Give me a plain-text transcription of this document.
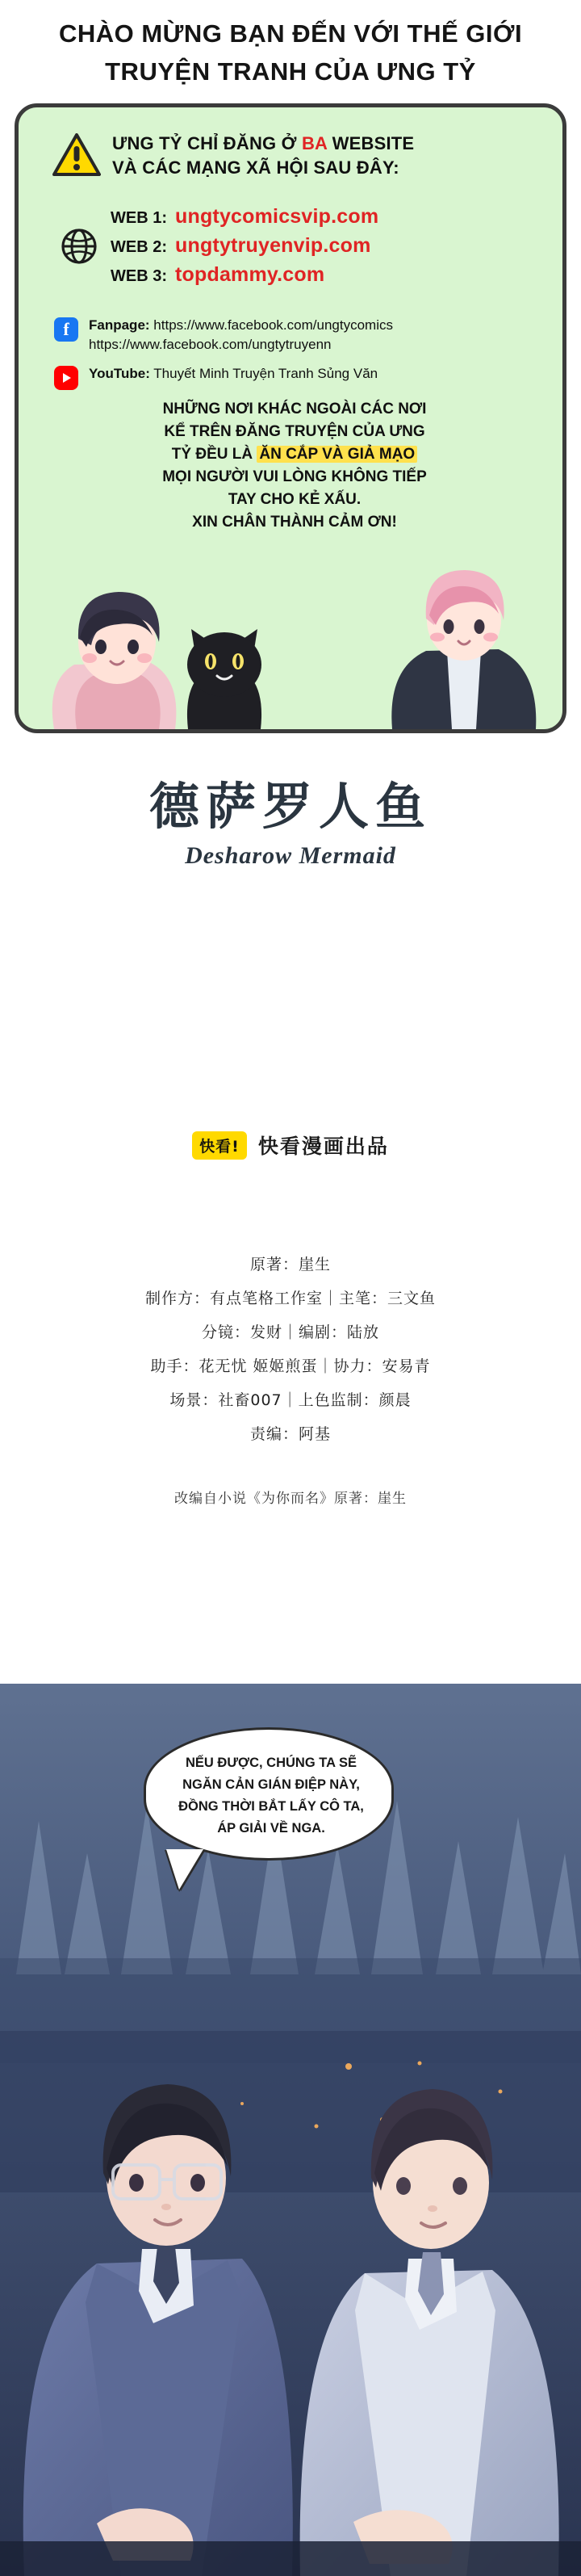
CHÀO MỪNG BẠN ĐẾN VỚI THẾ GIỚI
TRUYỆN TRANH CỦA ƯNG TỶ
ƯNG TỶ CHỈ ĐĂNG Ở BA WEBSITE
VÀ CÁC MẠNG XÃ HỘI SAU ĐÂY:
WEB 1: ungtycomicsvip.com
WEB 2: ungtytruyenvip.com
WEB 3: topdammy.com
f	Fanpage: https://www.facebook.com/ungtycomics
https://www.facebook.com/ungtytruyenn
YouTube: Thuyết Minh Truyện Tranh Sủng Văn
NHỮNG NƠI KHÁC NGOÀI CÁC NƠI
KỂ TRÊN ĐĂNG TRUYỆN CỦA ƯNG
TỶ ĐỀU LÀ ĂN CẮP VÀ GIẢ MẠO
MỌI NGƯỜI VUI LÒNG KHÔNG TIẾP
TAY CHO KẺ XẤU.
XIN CHÂN THÀNH CẢM ƠN!
德萨罗人鱼
Desharow Mermaid
快看! 快看漫画出品
原著：崖生
制作方：有点笔格工作室｜主笔：三文鱼
分镜：发财｜编剧：陆放
助手：花无忧 姬姬煎蛋｜协力：安易青
场景：社畜007｜上色监制：颜晨
责编：阿基
改编自小说《为你而名》原著：崖生
NẾU ĐƯỢC, CHÚNG TA SẼ
NGĂN CẢN GIÁN ĐIỆP NÀY,
ĐỒNG THỜI BẮT LẤY CÔ TA,
ÁP GIẢI VỀ NGA.
